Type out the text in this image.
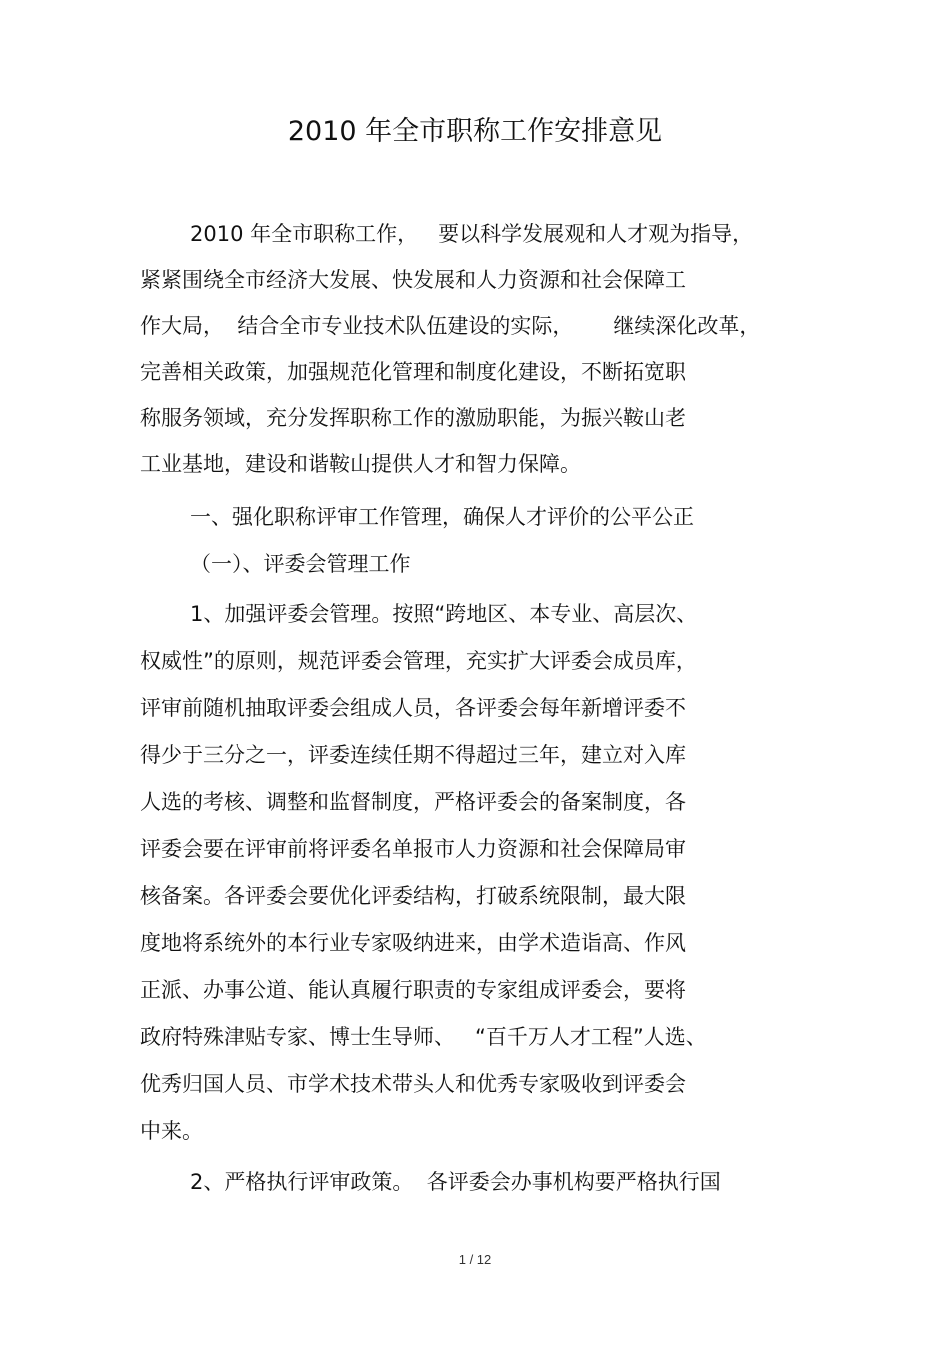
2010 年全市职称工作安排意见
2010 年全市职称工作，   要以科学发展观和人才观为指导，
紧紧围绕全市经济大发展、快发展和人力资源和社会保障工
作大局，  结合全市专业技术队伍建设的实际，      继续深化改革，
完善相关政策，加强规范化管理和制度化建设，不断拓宽职
称服务领域，充分发挥职称工作的激励职能，为振兴鞍山老
工业基地，建设和谐鞍山提供人才和智力保障。
一、强化职称评审工作管理，确保人才评价的公平公正
（一）、评委会管理工作
1、加强评委会管理。按照“跨地区、本专业、高层次、
权威性”的原则，规范评委会管理，充实扩大评委会成员库，
评审前随机抽取评委会组成人员，各评委会每年新增评委不
得少于三分之一，评委连续任期不得超过三年，建立对入库
人选的考核、调整和监督制度，严格评委会的备案制度，各
评委会要在评审前将评委名单报市人力资源和社会保障局审
核备案。各评委会要优化评委结构，打破系统限制，最大限
度地将系统外的本行业专家吸纳进来，由学术造诣高、作风
正派、办事公道、能认真履行职责的专家组成评委会，要将
政府特殊津贴专家、博士生导师、   “百千万人才工程”人选、
优秀归国人员、市学术技术带头人和优秀专家吸收到评委会
中来。
2、严格执行评审政策。  各评委会办事机构要严格执行国
1 / 12
